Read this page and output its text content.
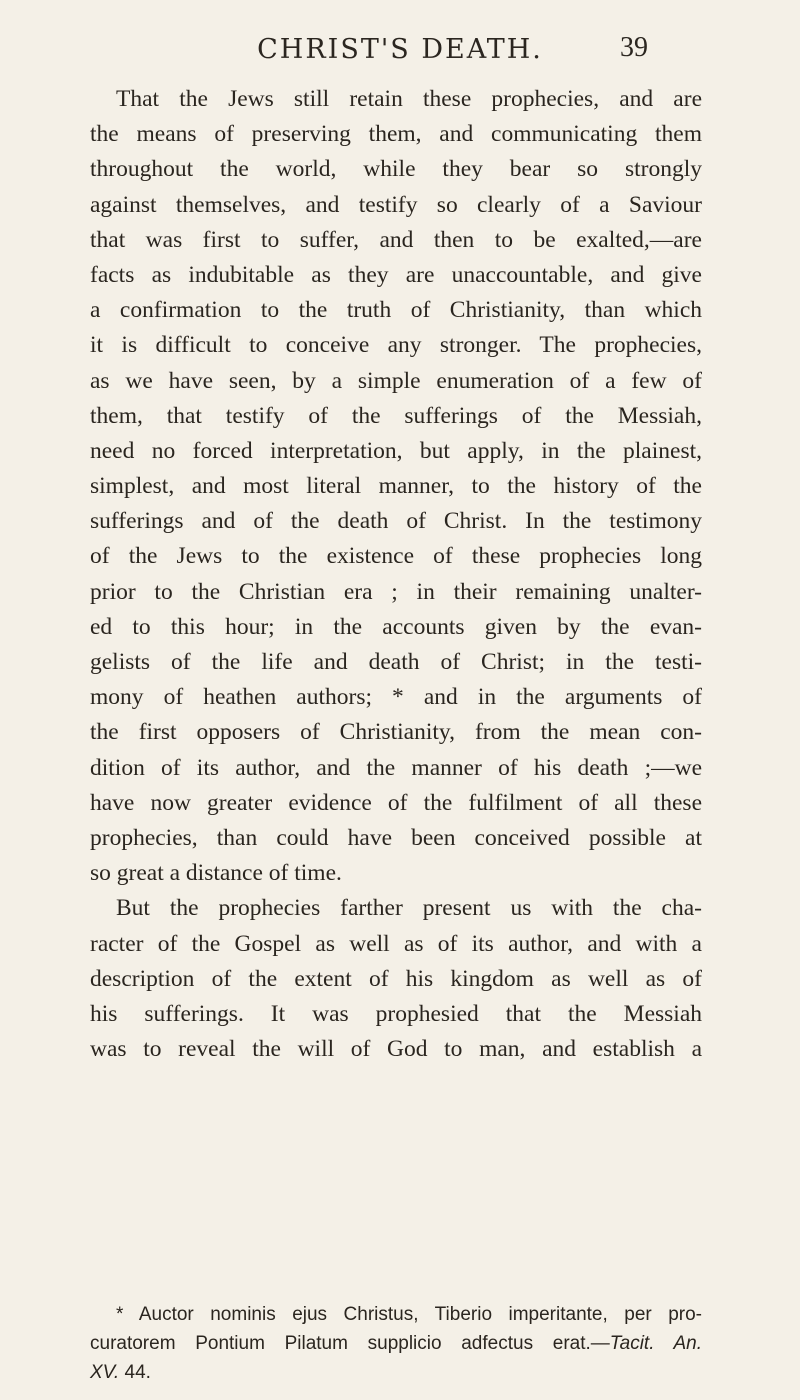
CHRIST'S DEATH.	39
That the Jews still retain these prophecies, and are
the means of preserving them, and communicating them
throughout the world, while they bear so strongly
against themselves, and testify so clearly of a Saviour
that was first to suffer, and then to be exalted,—are
facts as indubitable as they are unaccountable, and give
a confirmation to the truth of Christianity, than which
it is difficult to conceive any stronger. The prophecies,
as we have seen, by a simple enumeration of a few of
them, that testify of the sufferings of the Messiah,
need no forced interpretation, but apply, in the plainest,
simplest, and most literal manner, to the history of the
sufferings and of the death of Christ. In the testimony
of the Jews to the existence of these prophecies long
prior to the Christian era ; in their remaining unalter-
ed to this hour; in the accounts given by the evan-
gelists of the life and death of Christ; in the testi-
mony of heathen authors; * and in the arguments of
the first opposers of Christianity, from the mean con-
dition of its author, and the manner of his death ;—we
have now greater evidence of the fulfilment of all these
prophecies, than could have been conceived possible at
so great a distance of time.
But the prophecies farther present us with the cha-
racter of the Gospel as well as of its author, and with a
description of the extent of his kingdom as well as of
his sufferings. It was prophesied that the Messiah
was to reveal the will of God to man, and establish a
* Auctor nominis ejus Christus, Tiberio imperitante, per pro-
curatorem Pontium Pilatum supplicio adfectus erat.—Tacit. An.
XV. 44.
